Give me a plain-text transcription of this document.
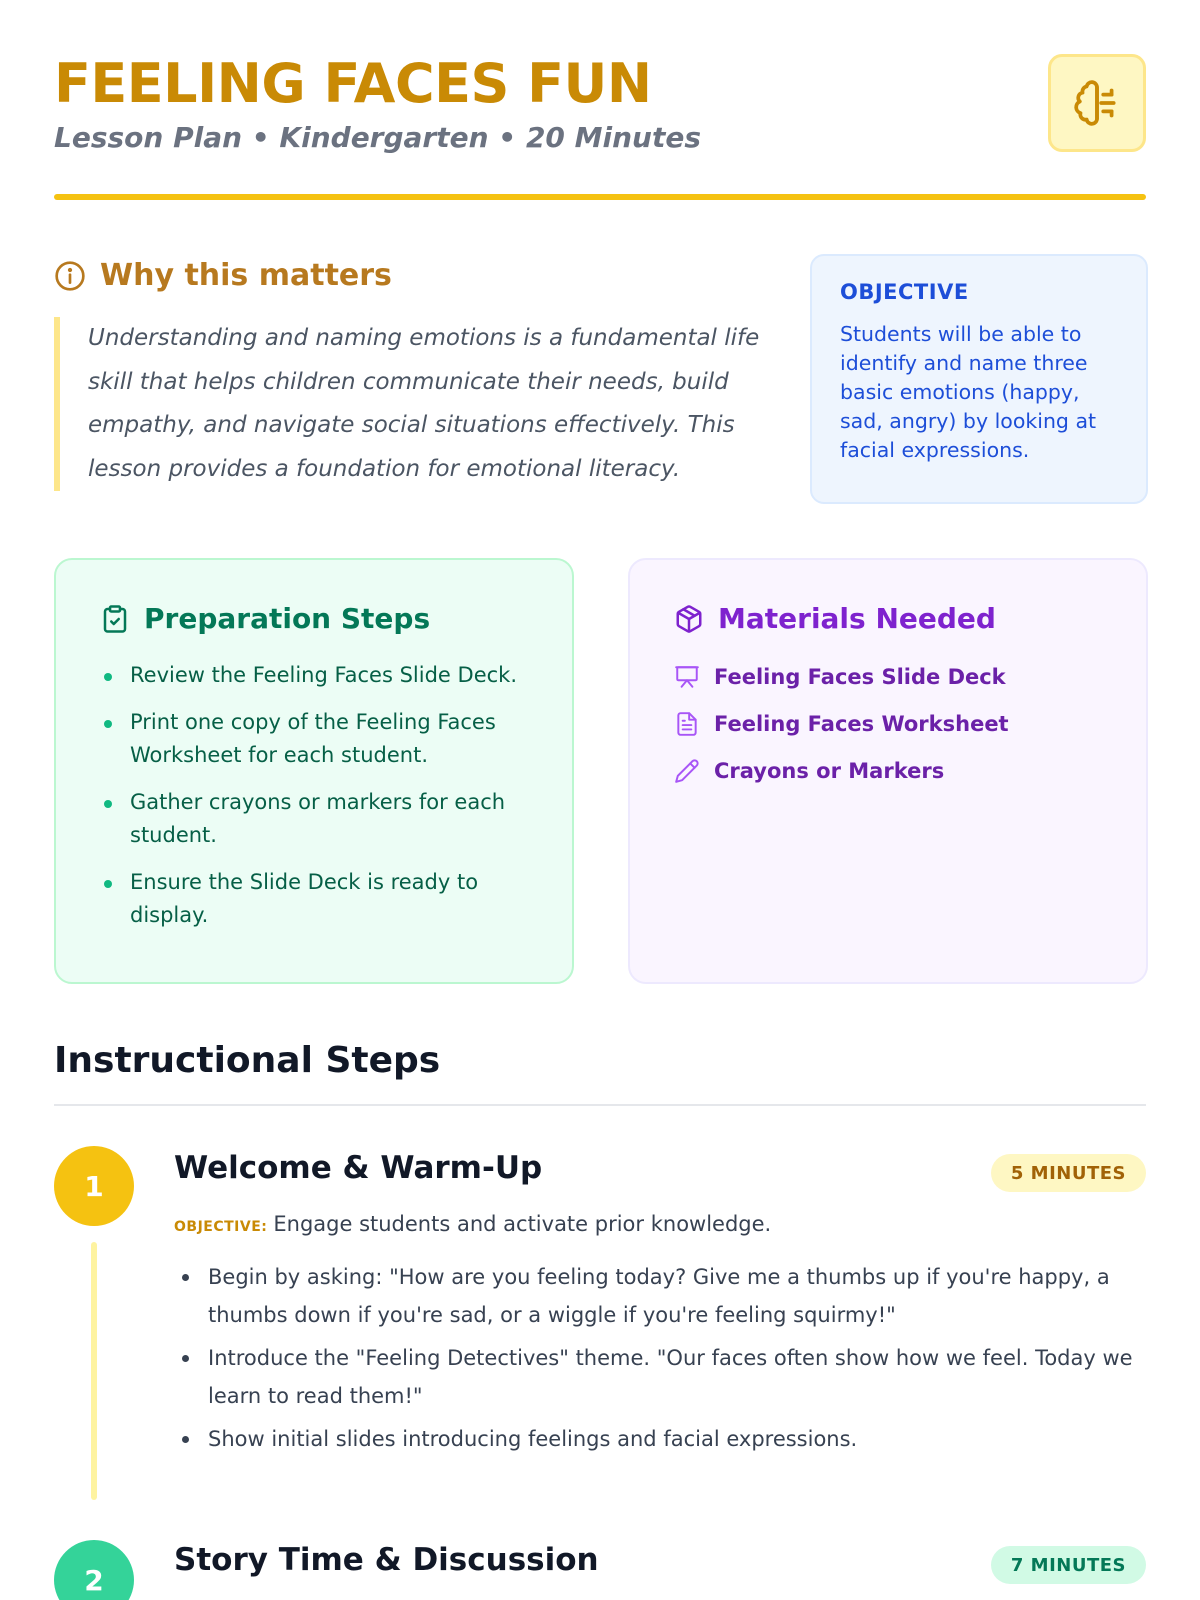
FEELING FACES FUN
Lesson Plan • Kindergarten • 20 Minutes
Why this matters
Understanding and naming emotions is a fundamental life skill that helps children communicate their needs, build empathy, and navigate social situations effectively. This lesson provides a foundation for emotional literacy.
OBJECTIVE
Students will be able to identify and name three basic emotions (happy, sad, angry) by looking at facial expressions.
Preparation Steps
Review the Feeling Faces Slide Deck.
Print one copy of the Feeling Faces Worksheet for each student.
Gather crayons or markers for each student.
Ensure the Slide Deck is ready to display.
Materials Needed
Feeling Faces Slide Deck
Feeling Faces Worksheet
Crayons or Markers
Instructional Steps
1	Welcome & Warm-Up	5 MINUTES
OBJECTIVE: Engage students and activate prior knowledge.
Begin by asking: "How are you feeling today? Give me a thumbs up if you're happy, a thumbs down if you're sad, or a wiggle if you're feeling squirmy!"
Introduce the "Feeling Detectives" theme. "Our faces often show how we feel. Today we learn to read them!"
Show initial slides introducing feelings and facial expressions.
2
Story Time & Discussion	7 MINUTES
